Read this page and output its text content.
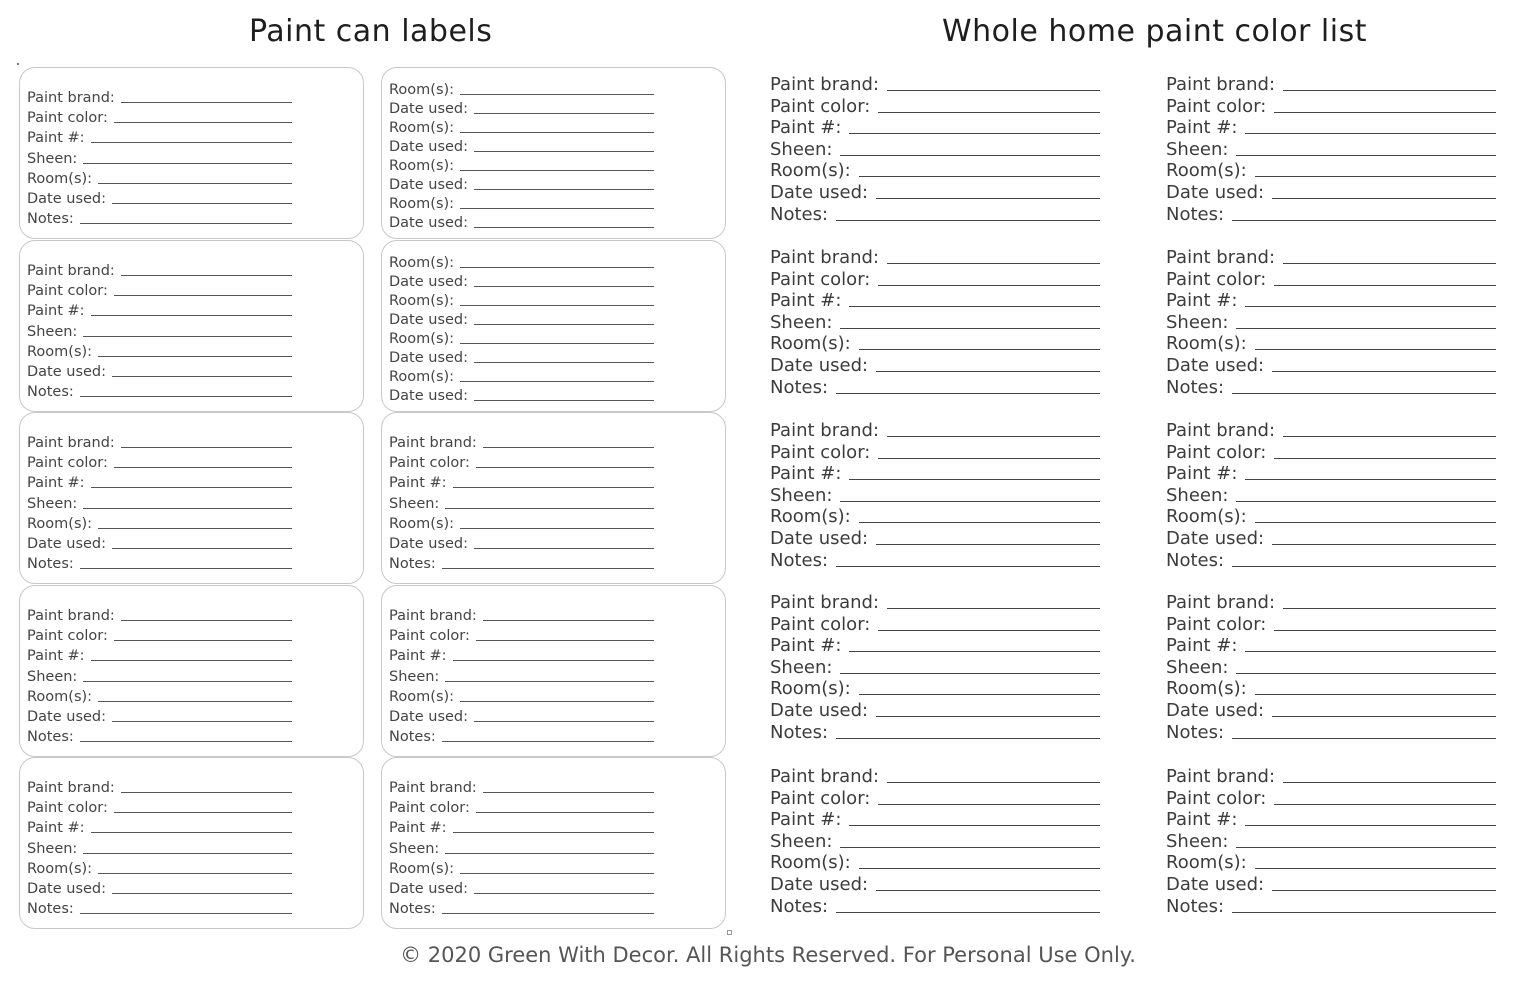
Paint can labels	Whole home paint color list
Paint brand:
Paint color:
Paint #:
Sheen:
Room(s):
Date used:
Notes:
Paint brand:
Paint color:
Paint #:
Sheen:
Room(s):
Date used:
Notes:
Paint brand:
Paint color:
Paint #:
Sheen:
Room(s):
Date used:
Notes:
Paint brand:
Paint color:
Paint #:
Sheen:
Room(s):
Date used:
Notes:
Paint brand:
Paint color:
Paint #:
Sheen:
Room(s):
Date used:
Notes:
Room(s):
Date used:
Room(s):
Date used:
Room(s):
Date used:
Room(s):
Date used:
Room(s):
Date used:
Room(s):
Date used:
Room(s):
Date used:
Room(s):
Date used:
Paint brand:
Paint color:
Paint #:
Sheen:
Room(s):
Date used:
Notes:
Paint brand:
Paint color:
Paint #:
Sheen:
Room(s):
Date used:
Notes:
Paint brand:
Paint color:
Paint #:
Sheen:
Room(s):
Date used:
Notes:
Paint brand:
Paint color:
Paint #:
Sheen:
Room(s):
Date used:
Notes:
Paint brand:
Paint color:
Paint #:
Sheen:
Room(s):
Date used:
Notes:
Paint brand:
Paint color:
Paint #:
Sheen:
Room(s):
Date used:
Notes:
Paint brand:
Paint color:
Paint #:
Sheen:
Room(s):
Date used:
Notes:
Paint brand:
Paint color:
Paint #:
Sheen:
Room(s):
Date used:
Notes:
Paint brand:
Paint color:
Paint #:
Sheen:
Room(s):
Date used:
Notes:
Paint brand:
Paint color:
Paint #:
Sheen:
Room(s):
Date used:
Notes:
Paint brand:
Paint color:
Paint #:
Sheen:
Room(s):
Date used:
Notes:
Paint brand:
Paint color:
Paint #:
Sheen:
Room(s):
Date used:
Notes:
Paint brand:
Paint color:
Paint #:
Sheen:
Room(s):
Date used:
Notes:
© 2020 Green With Decor. All Rights Reserved. For Personal Use Only.
